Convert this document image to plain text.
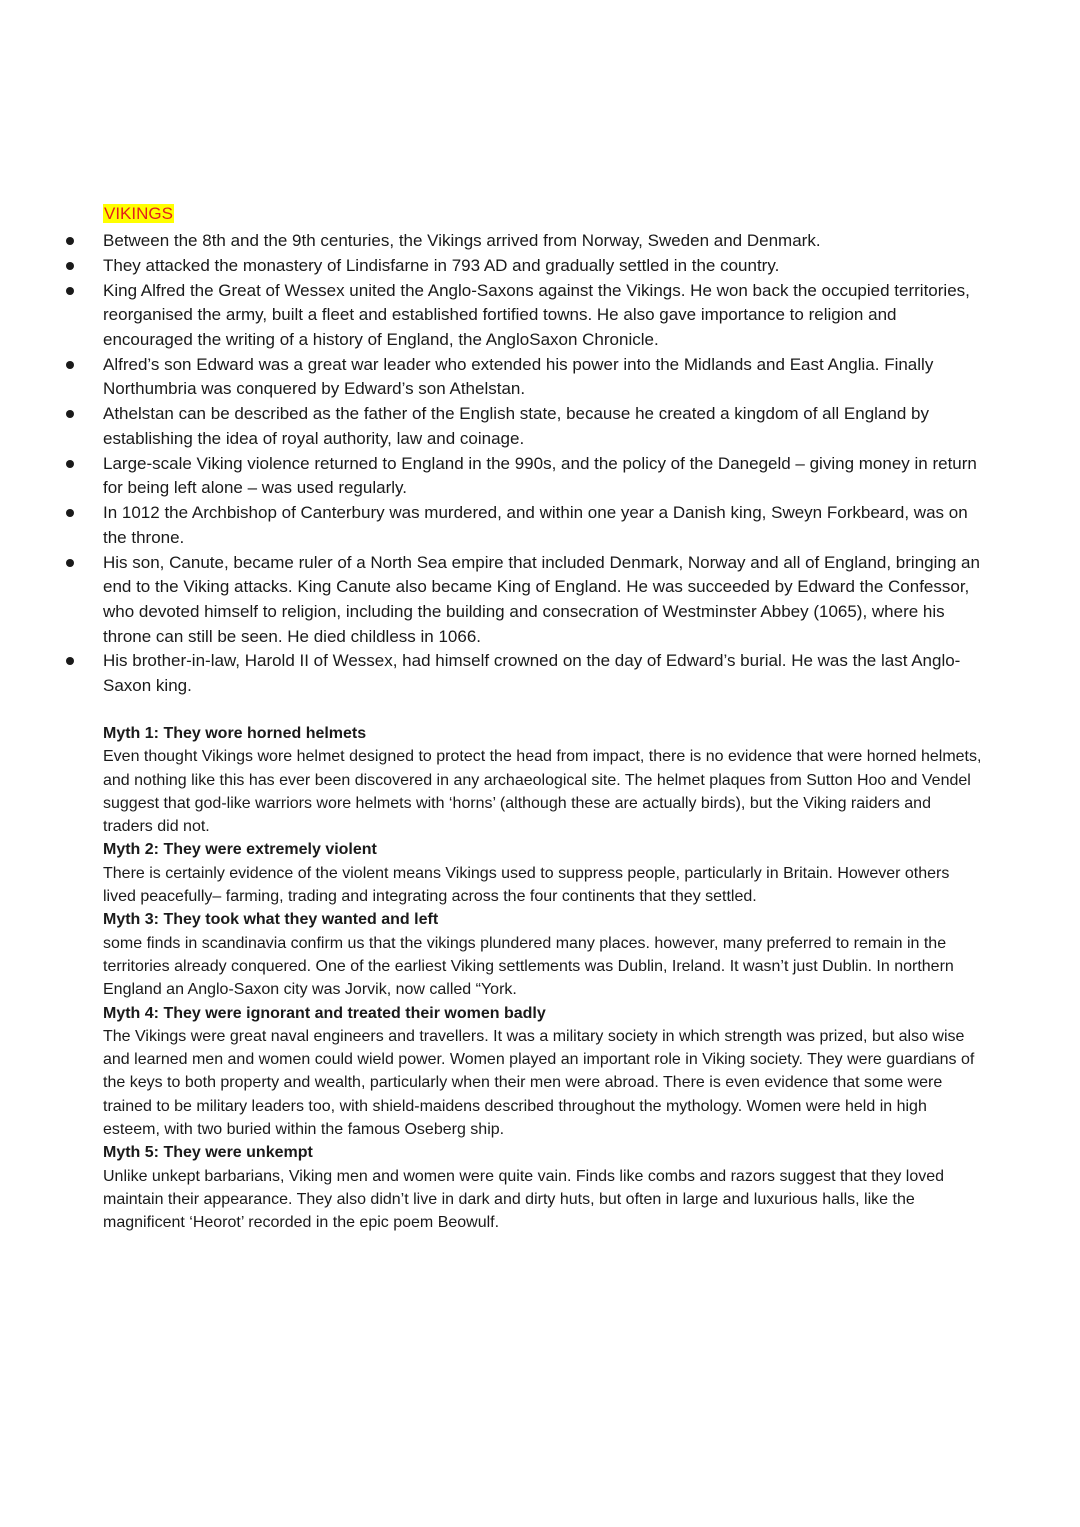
VIKINGS
Between the 8th and the 9th centuries, the Vikings arrived from Norway, Sweden and Denmark.
They attacked the monastery of Lindisfarne in 793 AD and gradually settled in the country.
King Alfred the Great of Wessex united the Anglo-Saxons against the Vikings. He won back the occupied territories, reorganised the army, built a fleet and established fortified towns. He also gave importance to religion and encouraged the writing of a history of England, the AngloSaxon Chronicle.
Alfred’s son Edward was a great war leader who extended his power into the Midlands and East Anglia. Finally Northumbria was conquered by Edward’s son Athelstan.
Athelstan can be described as the father of the English state, because he created a kingdom of all England by establishing the idea of royal authority, law and coinage.
Large-scale Viking violence returned to England in the 990s, and the policy of the Danegeld – giving money in return for being left alone – was used regularly.
In 1012 the Archbishop of Canterbury was murdered, and within one year a Danish king, Sweyn Forkbeard, was on the throne.
His son, Canute, became ruler of a North Sea empire that included Denmark, Norway and all of England, bringing an end to the Viking attacks. King Canute also became King of England. He was succeeded by Edward the Confessor, who devoted himself to religion, including the building and consecration of Westminster Abbey (1065), where his throne can still be seen. He died childless in 1066.
His brother-in-law, Harold II of Wessex, had himself crowned on the day of Edward’s burial. He was the last Anglo-Saxon king.

Myth 1: They wore horned helmets

Even thought Vikings wore helmet designed to protect the head from impact, there is no evidence that were horned helmets, and nothing like this has ever been discovered in any archaeological site. The helmet plaques from Sutton Hoo and Vendel suggest that god-like warriors wore helmets with ‘horns’ (although these are actually birds), but the Viking raiders and traders did not.

Myth 2: They were extremely violent

There is certainly evidence of the violent means Vikings used to suppress people, particularly in Britain. However others lived peacefully– farming, trading and integrating across the four continents that they settled.

Myth 3: They took what they wanted and left

some finds in scandinavia confirm us that the vikings plundered many places. however, many preferred to remain in the territories already conquered. One of the earliest Viking settlements was Dublin, Ireland. It wasn’t just Dublin. In northern England an Anglo-Saxon city was Jorvik, now called “York.

Myth 4: They were ignorant and treated their women badly

The Vikings were great naval engineers and travellers. It was a military society in which strength was prized, but also wise and learned men and women could wield power. Women played an important role in Viking society. They were guardians of the keys to both property and wealth, particularly when their men were abroad. There is even evidence that some were trained to be military leaders too, with shield-maidens described throughout the mythology. Women were held in high esteem, with two buried within the famous Oseberg ship.

Myth 5: They were unkempt

Unlike unkept barbarians, Viking men and women were quite vain. Finds like combs and razors suggest that they loved maintain their appearance. They also didn’t live in dark and dirty huts, but often in large and luxurious halls, like the magnificent ‘Heorot’ recorded in the epic poem Beowulf.
